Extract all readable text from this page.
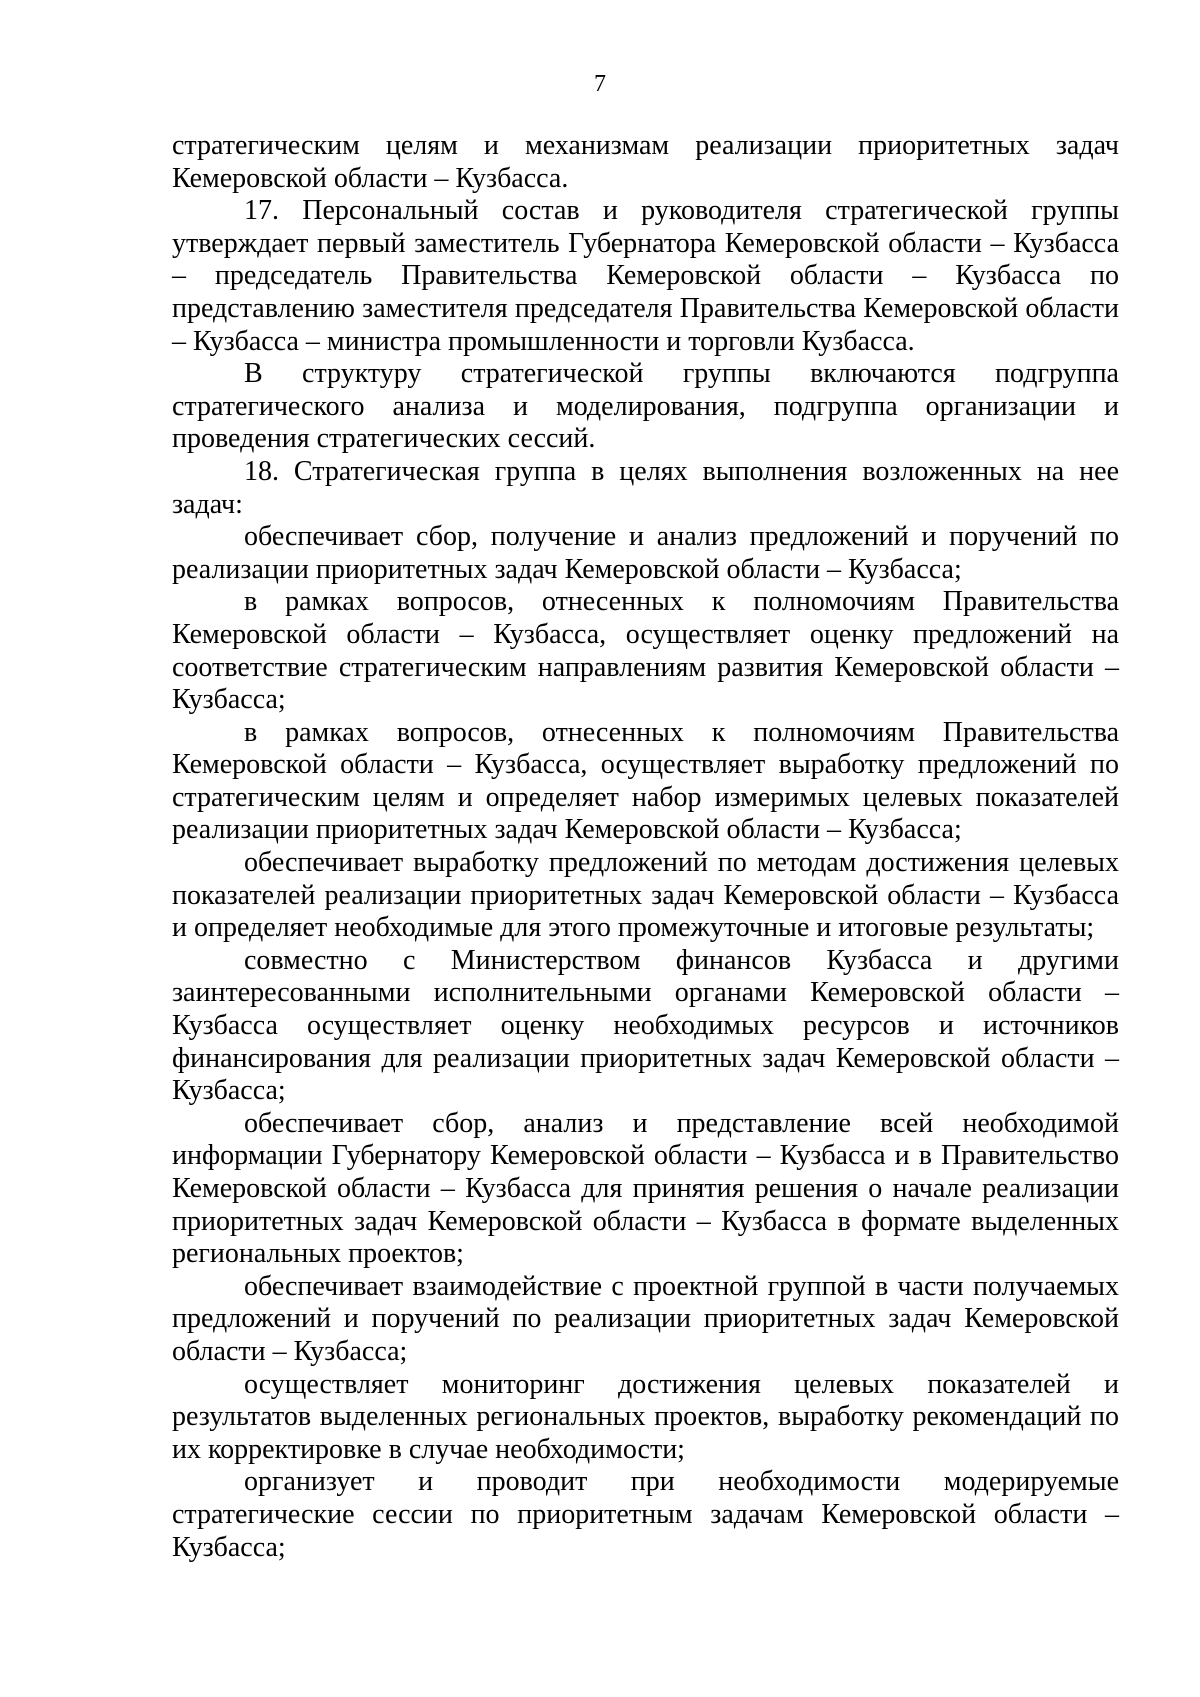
7

стратегическим целям и механизмам реализации приоритетных задач Кемеровской области – Кузбасса.

17. Персональный состав и руководителя стратегической группы утверждает первый заместитель Губернатора Кемеровской области – Кузбасса – председатель Правительства Кемеровской области – Кузбасса по представлению заместителя председателя Правительства Кемеровской области – Кузбасса – министра промышленности и торговли Кузбасса.

В структуру стратегической группы включаются подгруппа стратегического анализа и моделирования, подгруппа организации и проведения стратегических сессий.

18. Стратегическая группа в целях выполнения возложенных на нее задач:

обеспечивает сбор, получение и анализ предложений и поручений по реализации приоритетных задач Кемеровской области – Кузбасса;

в рамках вопросов, отнесенных к полномочиям Правительства Кемеровской области – Кузбасса, осуществляет оценку предложений на соответствие стратегическим направлениям развития Кемеровской области – Кузбасса;

в рамках вопросов, отнесенных к полномочиям Правительства Кемеровской области – Кузбасса, осуществляет выработку предложений по стратегическим целям и определяет набор измеримых целевых показателей реализации приоритетных задач Кемеровской области – Кузбасса;

обеспечивает выработку предложений по методам достижения целевых показателей реализации приоритетных задач Кемеровской области – Кузбасса и определяет необходимые для этого промежуточные и итоговые результаты;

совместно с Министерством финансов Кузбасса и другими заинтересованными исполнительными органами Кемеровской области – Кузбасса осуществляет оценку необходимых ресурсов и источников финансирования для реализации приоритетных задач Кемеровской области – Кузбасса;

обеспечивает сбор, анализ и представление всей необходимой информации Губернатору Кемеровской области – Кузбасса и в Правительство Кемеровской области – Кузбасса для принятия решения о начале реализации приоритетных задач Кемеровской области – Кузбасса в формате выделенных региональных проектов;

обеспечивает взаимодействие с проектной группой в части получаемых предложений и поручений по реализации приоритетных задач Кемеровской области – Кузбасса;

осуществляет мониторинг достижения целевых показателей и результатов выделенных региональных проектов, выработку рекомендаций по их корректировке в случае необходимости;

организует и проводит при необходимости модерируемые стратегические сессии по приоритетным задачам Кемеровской области – Кузбасса;
